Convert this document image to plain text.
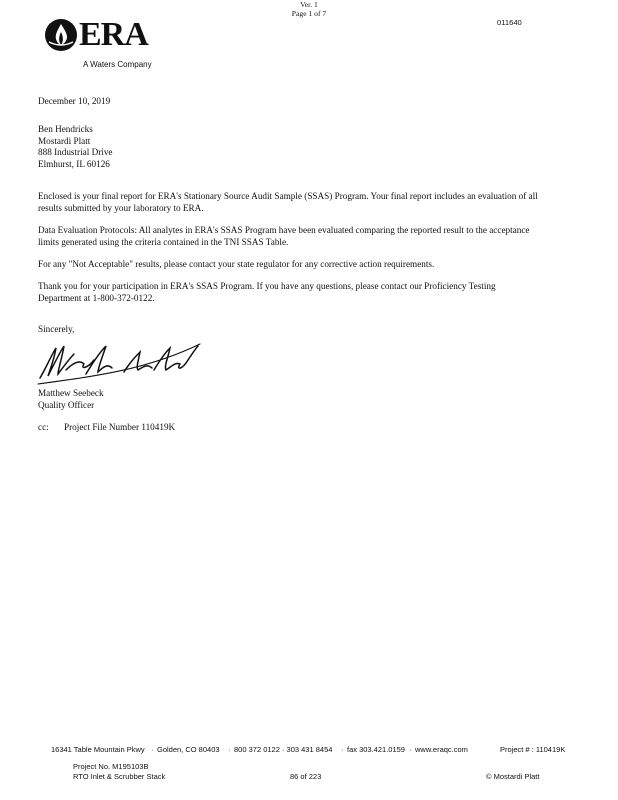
Ver. 1
Page 1 of 7
011640
ERA
A Waters Company
December 10, 2019

Ben Hendricks

Mostardi Platt

888 Industrial Drive

Elmhurst, IL 60126

Enclosed is your final report for ERA's Stationary Source Audit Sample (SSAS) Program. Your final report includes an evaluation of all results submitted by your laboratory to ERA.
Data Evaluation Protocols: All analytes in ERA's SSAS Program have been evaluated comparing the reported result to the acceptance limits generated using the criteria contained in the TNI SSAS Table.
For any "Not Acceptable" results, please contact your state regulator for any corrective action requirements.
Thank you for your participation in ERA's SSAS Program. If you have any questions, please contact our Proficiency Testing Department at 1-800-372-0122.
Sincerely,

Matthew Seebeck

Quality Officer

cc: Project File Number 110419K
16341 Table Mountain Pkwy · Golden, CO 80403 · 800 372 0122 · 303 431 8454 · fax 303.421.0159 · www.eraqc.com	Project # : 110419K
Project No. M195103B
RTO Inlet & Scrubber Stack	86 of 223	© Mostardi Platt
